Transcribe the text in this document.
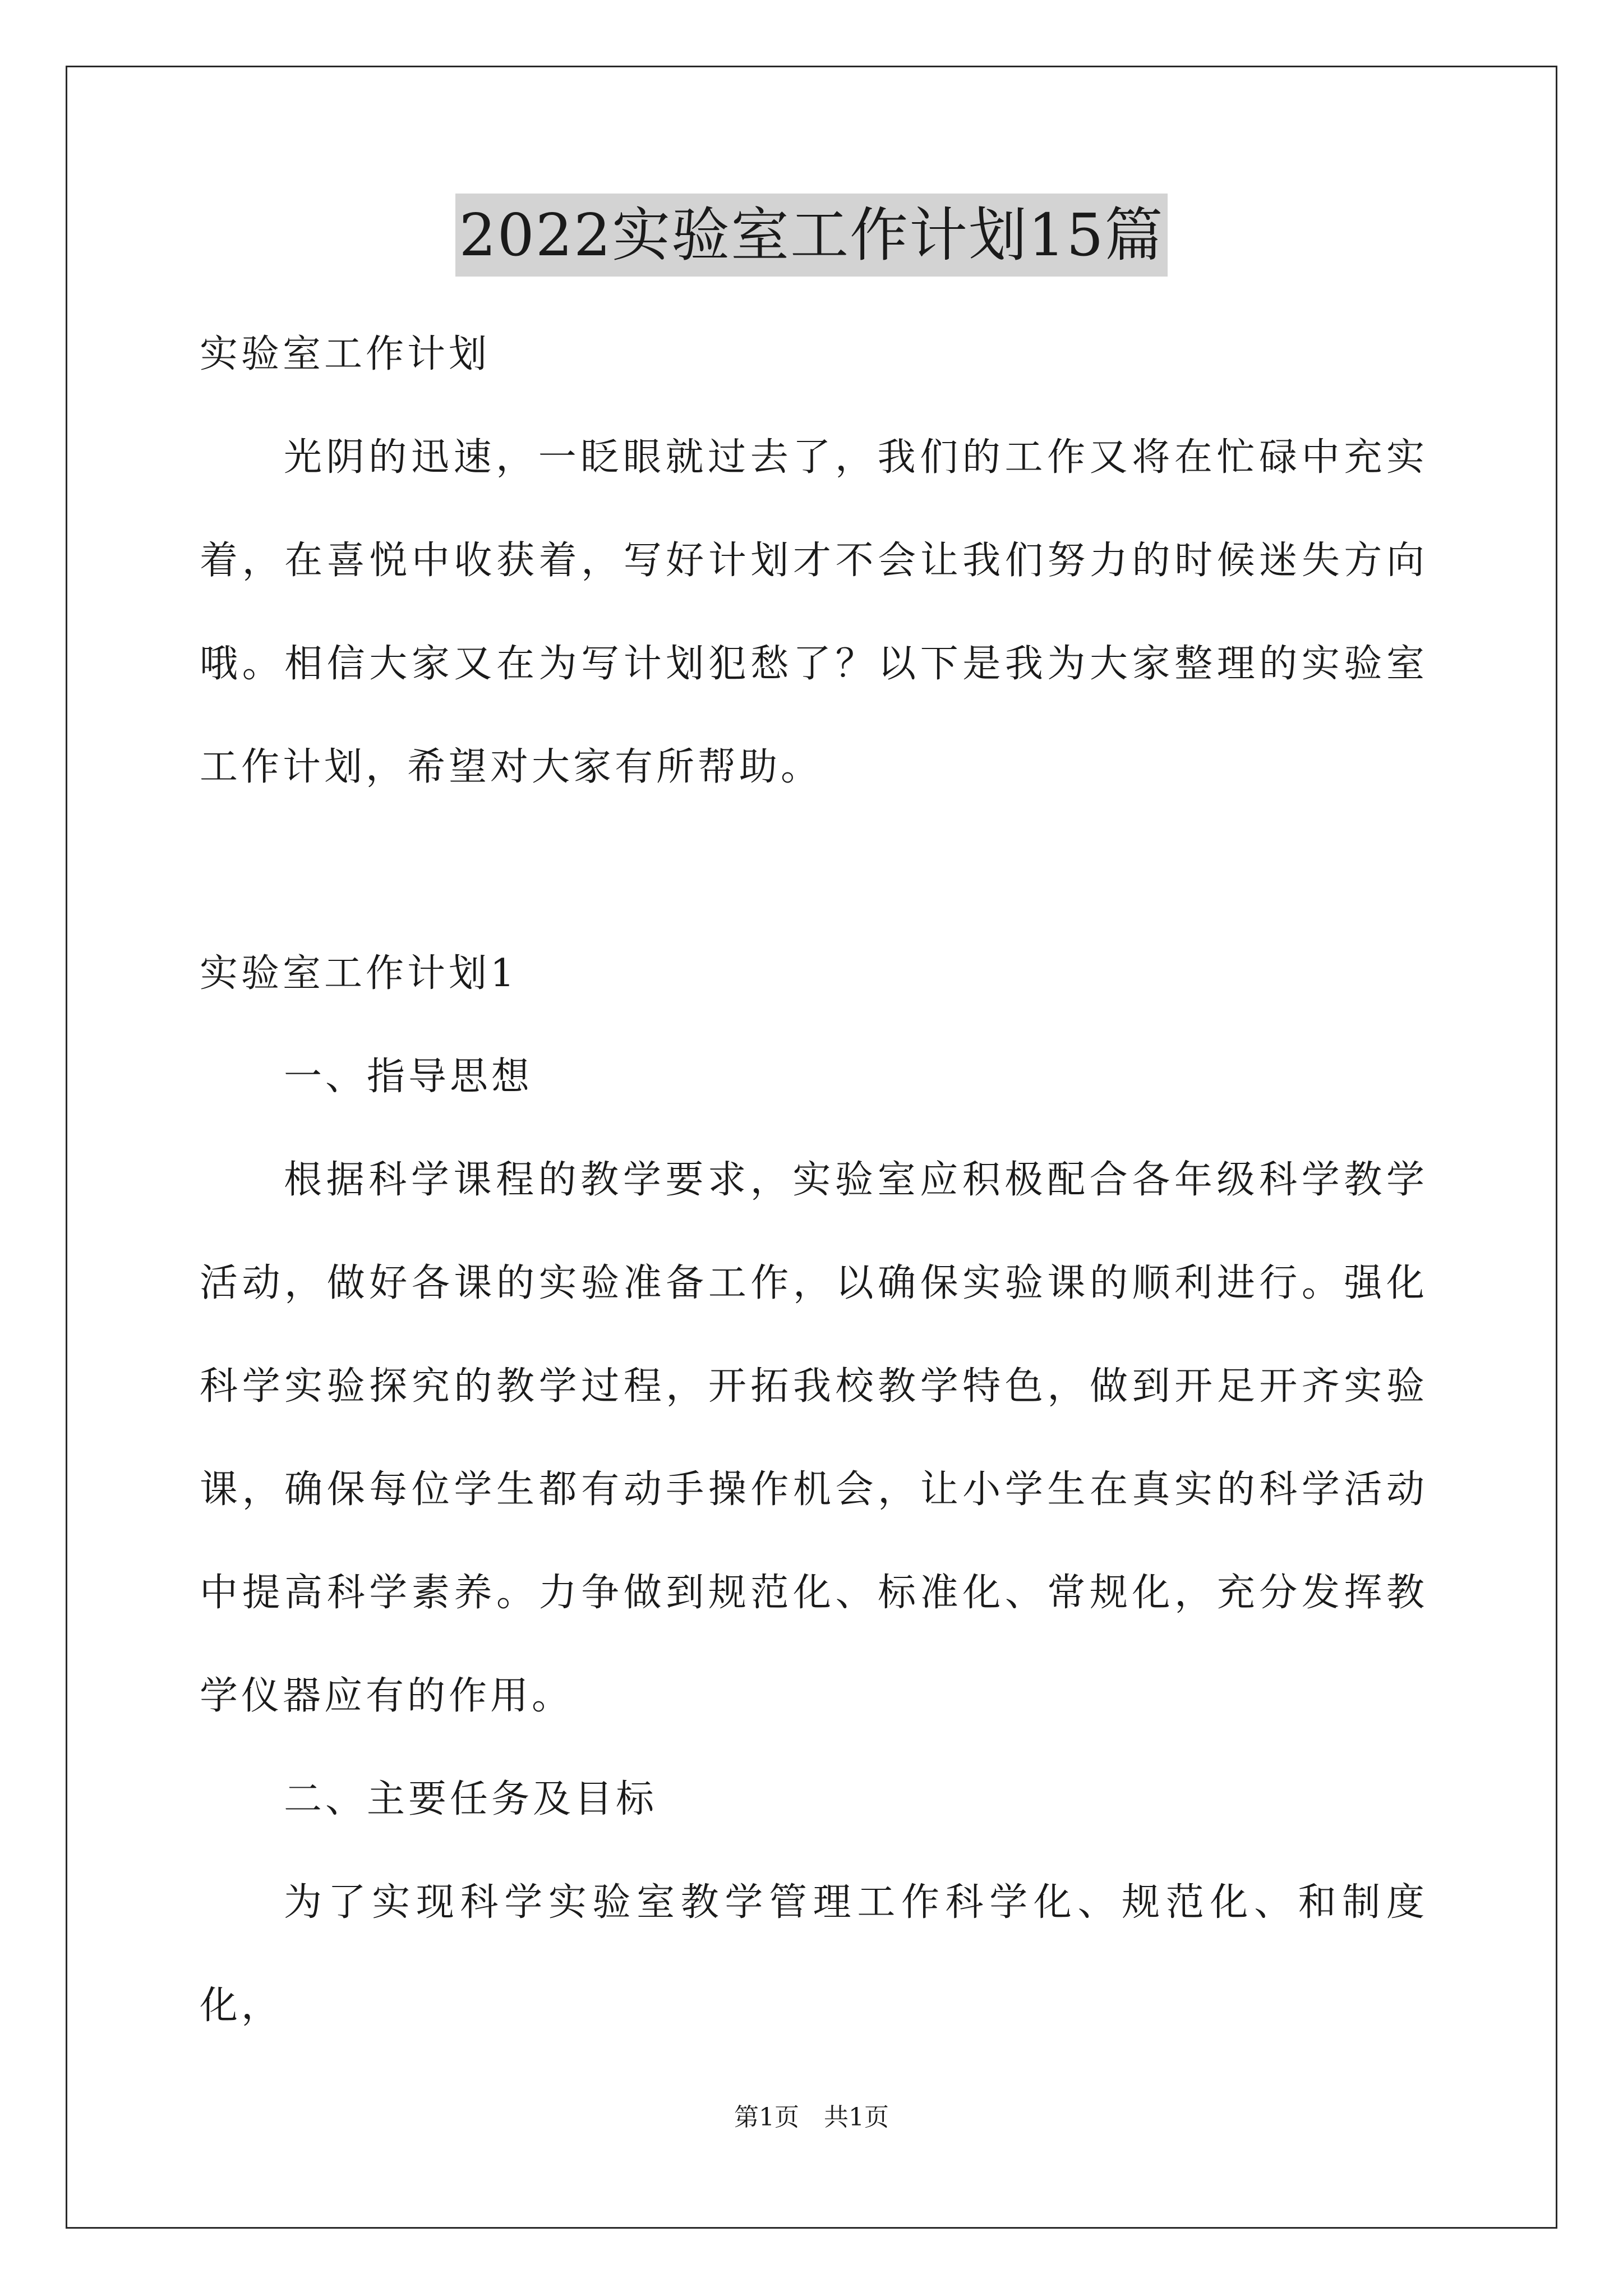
2022实验室工作计划15篇

实验室工作计划

光阴的迅速，一眨眼就过去了，我们的工作又将在忙碌中充实着，在喜悦中收获着，写好计划才不会让我们努力的时候迷失方向哦。相信大家又在为写计划犯愁了？以下是我为大家整理的实验室工作计划，希望对大家有所帮助。

实验室工作计划1

一、指导思想

根据科学课程的教学要求，实验室应积极配合各年级科学教学活动，做好各课的实验准备工作，以确保实验课的顺利进行。强化科学实验探究的教学过程，开拓我校教学特色，做到开足开齐实验课，确保每位学生都有动手操作机会，让小学生在真实的科学活动中提高科学素养。力争做到规范化、标准化、常规化，充分发挥教学仪器应有的作用。

二、主要任务及目标

为了实现科学实验室教学管理工作科学化、规范化、和制度化，

第1页　共1页
